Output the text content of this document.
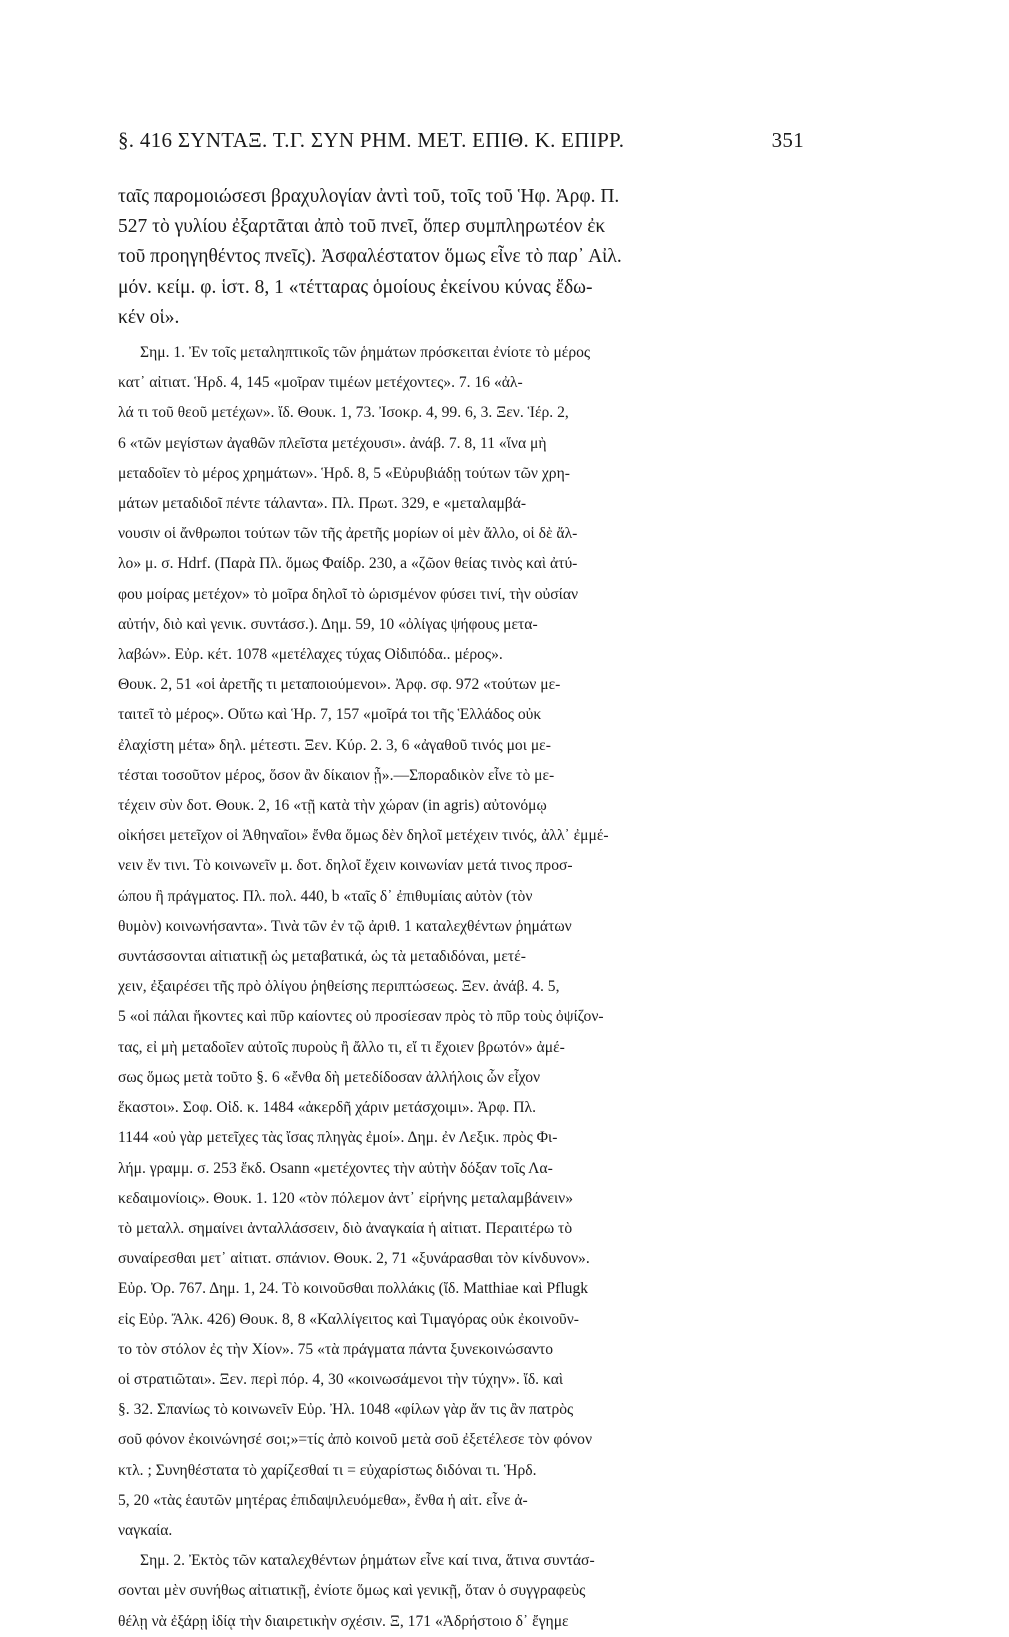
§. 416 ΣΥΝΤΑΞ. Τ.Γ. ΣΥΝ ΡΗΜ. ΜΕΤ. ΕΠΙΘ. Κ. ΕΠΙΡΡ.	351
ταῖς παρομοιώσεσι βραχυλογίαν ἀντὶ τοῦ, τοῖς τοῦ Ἡφ. Ἀρφ. Π.
527 τὸ γυλίου ἐξαρτᾶται ἀπὸ τοῦ πνεῖ, ὅπερ συμπληρωτέον ἐκ
τοῦ προηγηθέντος πνεῖς). Ἀσφαλέστατον ὅμως εἶνε τὸ παρ᾽ Αἰλ.
μόν. κείμ. φ. ἱστ. 8, 1 «τέτταρας ὁμοίους ἐκείνου κύνας ἔδω-
κέν οἱ».
Σημ. 1. Ἐν τοῖς μεταληπτικοῖς τῶν ῥημάτων πρόσκειται ἐνίοτε τὸ μέρος
κατ᾽ αἰτιατ. Ἡρδ. 4, 145 «μοῖραν τιμέων μετέχοντες». 7. 16 «ἀλ-
λά τι τοῦ θεοῦ μετέχων». ἴδ. Θουκ. 1, 73. Ἰσοκρ. 4, 99. 6, 3. Ξεν. Ἱέρ. 2,
6 «τῶν μεγίστων ἀγαθῶν πλεῖστα μετέχουσι». ἀνάβ. 7. 8, 11 «ἵνα μὴ
μεταδοῖεν τὸ μέρος χρημάτων». Ἡρδ. 8, 5 «Εὐρυβιάδῃ τούτων τῶν χρη-
μάτων μεταδιδοῖ πέντε τάλαντα». Πλ. Πρωτ. 329, e «μεταλαμβά-
νουσιν οἱ ἄνθρωποι τούτων τῶν τῆς ἀρετῆς μορίων οἱ μὲν ἄλλο, οἱ δὲ ἄλ-
λο» μ. σ. Hdrf. (Παρὰ Πλ. ὅμως Φαίδρ. 230, a «ζῶον θείας τινὸς καὶ ἀτύ-
φου μοίρας μετέχον» τὸ μοῖρα δηλοῖ τὸ ὡρισμένον φύσει τινί, τὴν οὐσίαν
αὐτήν, διὸ καὶ γενικ. συντάσσ.). Δημ. 59, 10 «ὀλίγας ψήφους μετα-
λαβών». Εὐρ. κέτ. 1078 «μετέλαχες τύχας Οἰδιπόδα.. μέρος».
Θουκ. 2, 51 «οἱ ἀρετῆς τι μεταποιούμενοι». Ἀρφ. σφ. 972 «τούτων με-
ταιτεῖ τὸ μέρος». Οὕτω καὶ Ἡρ. 7, 157 «μοῖρά τοι τῆς Ἑλλάδος οὐκ
ἐλαχίστη μέτα» δηλ. μέτεστι. Ξεν. Κύρ. 2. 3, 6 «ἀγαθοῦ τινός μοι με-
τέσται τοσοῦτον μέρος, ὅσον ἂν δίκαιον ᾖ».—Σποραδικὸν εἶνε τὸ με-
τέχειν σὺν δοτ. Θουκ. 2, 16 «τῇ κατὰ τὴν χώραν (in agris) αὐτονόμῳ
οἰκήσει μετεῖχον οἱ Ἀθηναῖοι» ἔνθα ὅμως δὲν δηλοῖ μετέχειν τινός, ἀλλ᾽ ἐμμέ-
νειν ἔν τινι. Τὸ κοινωνεῖν μ. δοτ. δηλοῖ ἔχειν κοινωνίαν μετά τινος προσ-
ώπου ἢ πράγματος. Πλ. πολ. 440, b «ταῖς δ᾽ ἐπιθυμίαις αὐτὸν (τὸν
θυμὸν) κοινωνήσαντα». Τινὰ τῶν ἐν τῷ ἀριθ. 1 καταλεχθέντων ῥημάτων
συντάσσονται αἰτιατικῇ ὡς μεταβατικά, ὡς τὰ μεταδιδόναι, μετέ-
χειν, ἐξαιρέσει τῆς πρὸ ὀλίγου ῥηθείσης περιπτώσεως. Ξεν. ἀνάβ. 4. 5,
5 «οἱ πάλαι ἥκοντες καὶ πῦρ καίοντες οὐ προσίεσαν πρὸς τὸ πῦρ τοὺς ὀψίζον-
τας, εἰ μὴ μεταδοῖεν αὐτοῖς πυροὺς ἢ ἄλλο τι, εἴ τι ἔχοιεν βρωτόν» ἀμέ-
σως ὅμως μετὰ τοῦτο §. 6 «ἔνθα δὴ μετεδίδοσαν ἀλλήλοις ὧν εἶχον
ἕκαστοι». Σοφ. Οἰδ. κ. 1484 «ἀκερδῆ χάριν μετάσχοιμι». Ἀρφ. Πλ.
1144 «οὐ γὰρ μετεῖχες τὰς ἴσας πληγὰς ἐμοί». Δημ. ἐν Λεξικ. πρὸς Φι-
λήμ. γραμμ. σ. 253 ἔκδ. Osann «μετέχοντες τὴν αὐτὴν δόξαν τοῖς Λα-
κεδαιμονίοις». Θουκ. 1. 120 «τὸν πόλεμον ἀντ᾽ εἰρήνης μεταλαμβάνειν»
τὸ μεταλλ. σημαίνει ἀνταλλάσσειν, διὸ ἀναγκαία ἡ αἰτιατ. Περαιτέρω τὸ
συναίρεσθαι μετ᾽ αἰτιατ. σπάνιον. Θουκ. 2, 71 «ξυνάρασθαι τὸν κίνδυνον».
Εὐρ. Ὀρ. 767. Δημ. 1, 24. Τὸ κοινοῦσθαι πολλάκις (ἴδ. Matthiae καὶ Pflugk
εἰς Εὐρ. Ἄλκ. 426) Θουκ. 8, 8 «Καλλίγειτος καὶ Τιμαγόρας οὐκ ἐκοινοῦν-
το τὸν στόλον ἐς τὴν Χίον». 75 «τὰ πράγματα πάντα ξυνεκοινώσαντο
οἱ στρατιῶται». Ξεν. περὶ πόρ. 4, 30 «κοινωσάμενοι τὴν τύχην». ἴδ. καὶ
§. 32. Σπανίως τὸ κοινωνεῖν Εὐρ. Ἠλ. 1048 «φίλων γὰρ ἄν τις ἂν πατρὸς
σοῦ φόνον ἐκοινώνησέ σοι;»=τίς ἀπὸ κοινοῦ μετὰ σοῦ ἐξετέλεσε τὸν φόνον
κτλ. ; Συνηθέστατα τὸ χαρίζεσθαί τι = εὐχαρίστως διδόναι τι. Ἡρδ.
5, 20 «τὰς ἑαυτῶν μητέρας ἐπιδαψιλευόμεθα», ἔνθα ἡ αἰτ. εἶνε ἀ-
ναγκαία.
Σημ. 2. Ἐκτὸς τῶν καταλεχθέντων ῥημάτων εἶνε καί τινα, ἅτινα συντάσ-
σονται μὲν συνήθως αἰτιατικῇ, ἐνίοτε ὅμως καὶ γενικῇ, ὅταν ὁ συγγραφεὺς
θέλῃ νὰ ἐξάρῃ ἰδίᾳ τὴν διαιρετικὴν σχέσιν. Ξ, 171 «Ἀδρήστοιο δ᾽ ἔγημε
